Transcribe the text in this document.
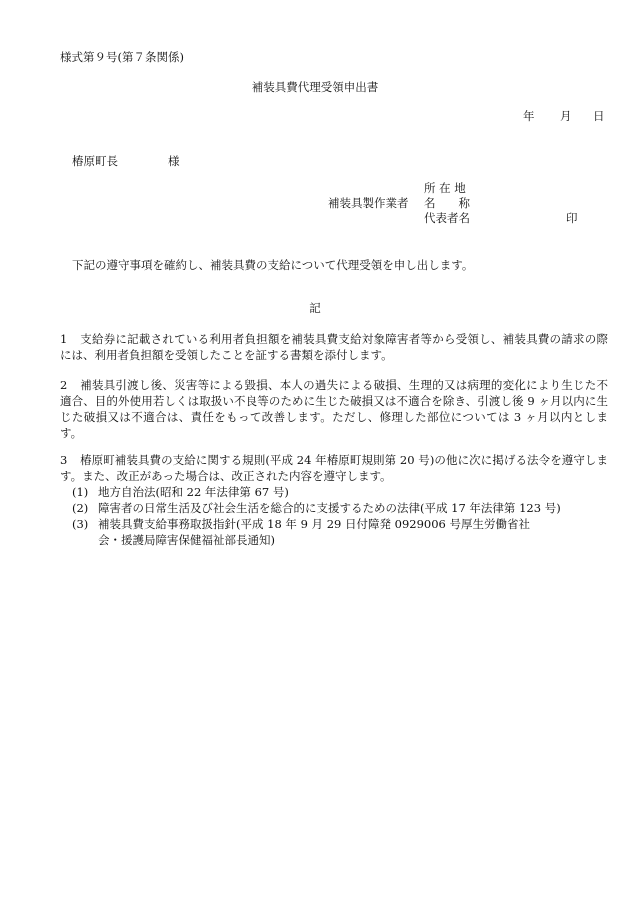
様式第９号(第７条関係)
補装具費代理受領申出書
年 月 日
椿原町長	様
所 在 地
補装具製作業者 名　　称
代表者名	印
下記の遵守事項を確約し、補装具費の支給について代理受領を申し出します。
記
1 支給券に記載されている利用者負担額を補装具費支給対象障害者等から受領し、補装具費の請求の際には、利用者負担額を受領したことを証する書類を添付します。
2 補装具引渡し後、災害等による毀損、本人の過失による破損、生理的又は病理的変化により生じた不適合、目的外使用若しくは取扱い不良等のために生じた破損又は不適合を除き、引渡し後 9 ヶ月以内に生じた破損又は不適合は、責任をもって改善します。ただし、修理した部位については 3 ヶ月以内とします。
3 椿原町補装具費の支給に関する規則(平成 24 年椿原町規則第 20 号)の他に次に掲げる法令を遵守します。また、改正があった場合は、改正された内容を遵守します。
(1) 地方自治法(昭和 22 年法律第 67 号)
(2) 障害者の日常生活及び社会生活を総合的に支援するための法律(平成 17 年法律第 123 号)
(3) 補装具費支給事務取扱指針(平成 18 年 9 月 29 日付障発 0929006 号厚生労働省社会・援護局障害保健福祉部長通知)
